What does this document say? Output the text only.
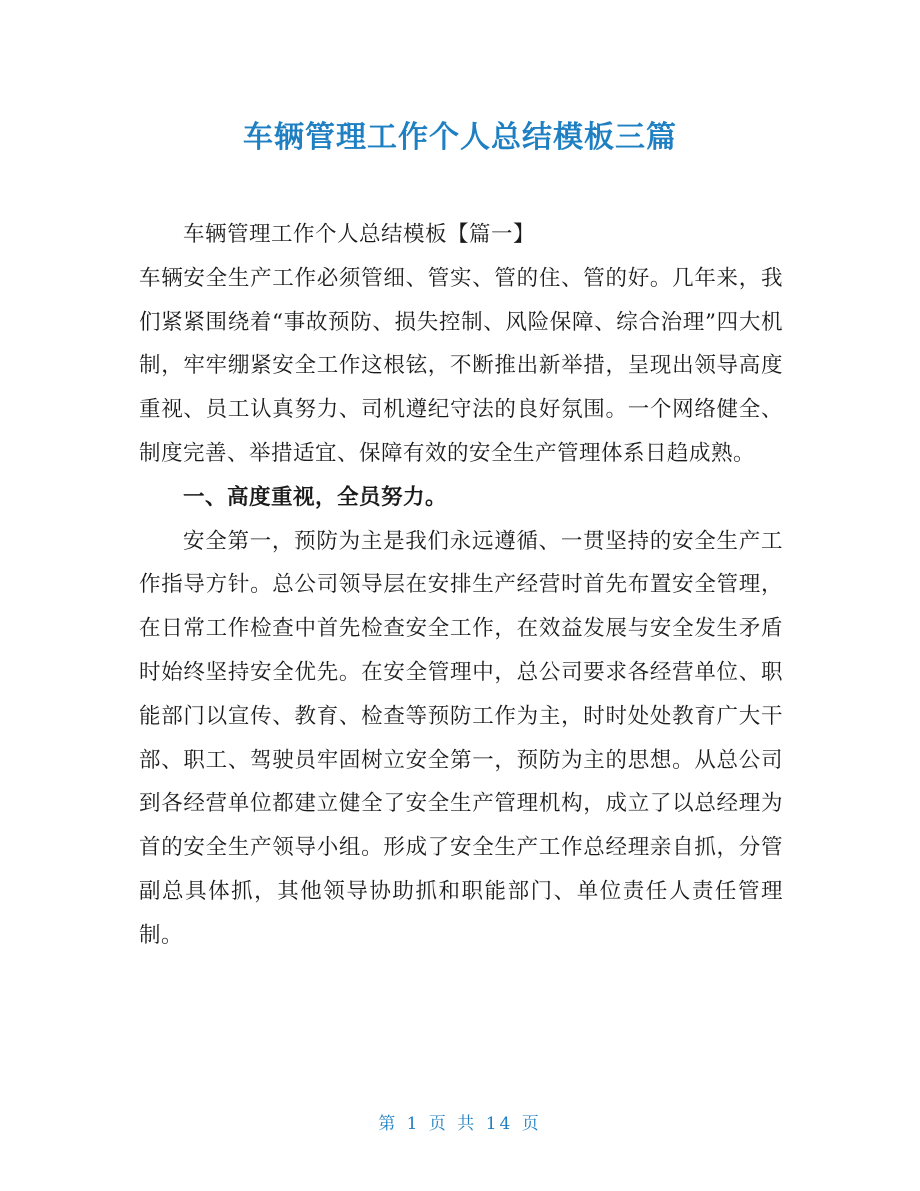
车辆管理工作个人总结模板三篇

车辆管理工作个人总结模板【篇一】

车辆安全生产工作必须管细、管实、管的住、管的好。几年来，我们紧紧围绕着“事故预防、损失控制、风险保障、综合治理”四大机制，牢牢绷紧安全工作这根铉，不断推出新举措，呈现出领导高度重视、员工认真努力、司机遵纪守法的良好氛围。一个网络健全、制度完善、举措适宜、保障有效的安全生产管理体系日趋成熟。

一、高度重视，全员努力。

安全第一，预防为主是我们永远遵循、一贯坚持的安全生产工作指导方针。总公司领导层在安排生产经营时首先布置安全管理，在日常工作检查中首先检查安全工作，在效益发展与安全发生矛盾时始终坚持安全优先。在安全管理中，总公司要求各经营单位、职能部门以宣传、教育、检查等预防工作为主，时时处处教育广大干部、职工、驾驶员牢固树立安全第一，预防为主的思想。从总公司到各经营单位都建立健全了安全生产管理机构，成立了以总经理为首的安全生产领导小组。形成了安全生产工作总经理亲自抓，分管副总具体抓，其他领导协助抓和职能部门、单位责任人责任管理制。

第 1 页 共 14 页
